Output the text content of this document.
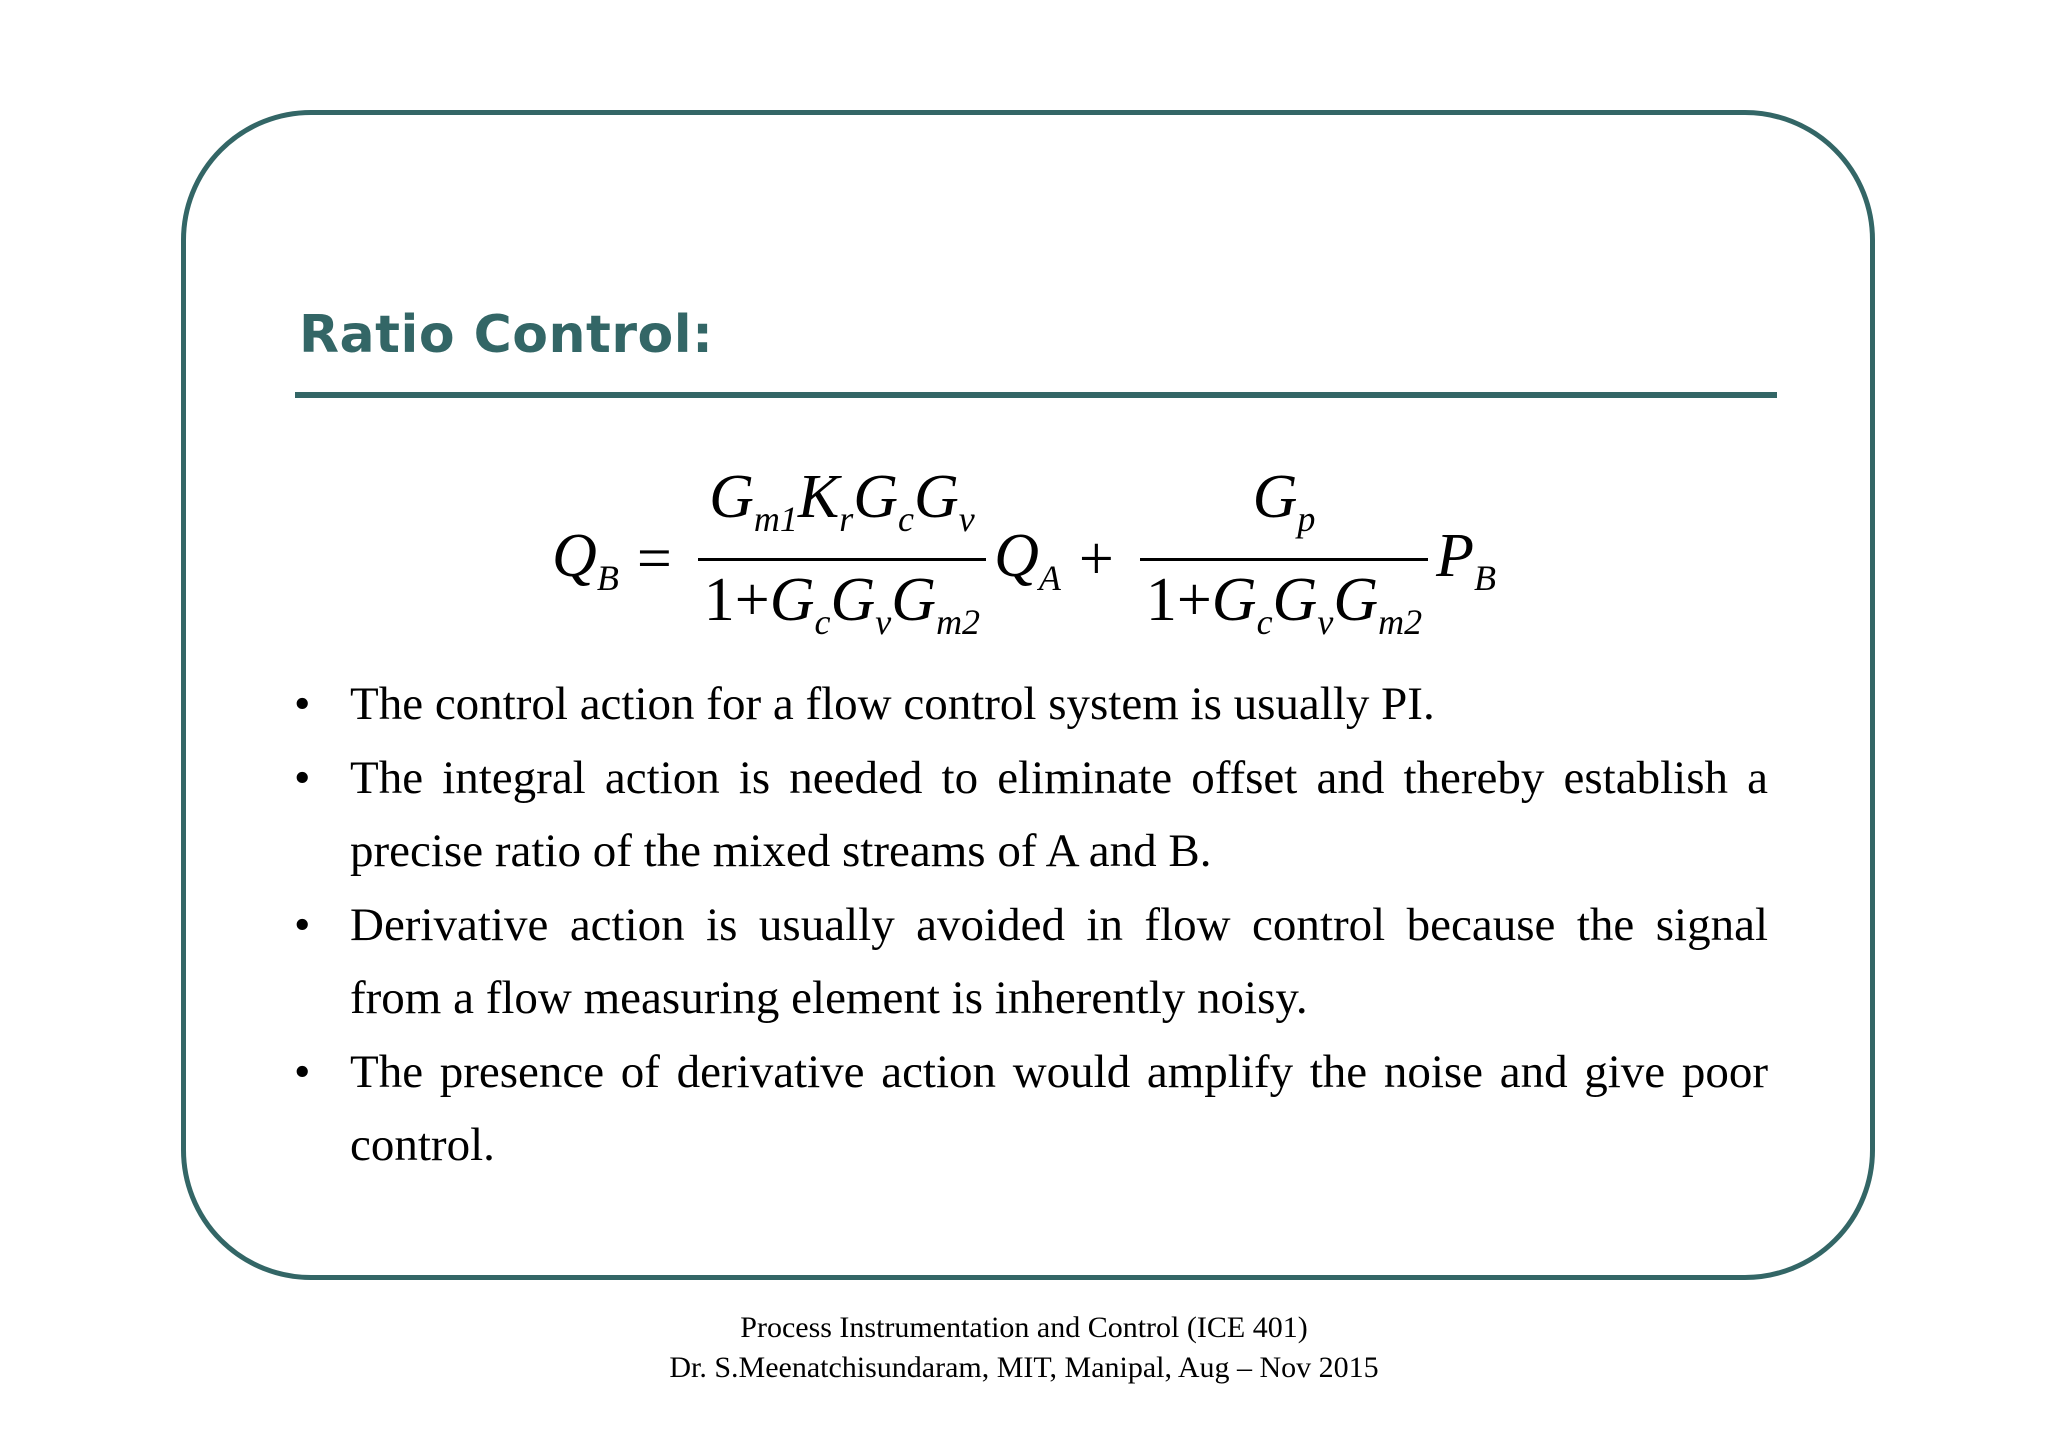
Ratio Control:
$Q_B = \frac{G_{m1}K_rG_cG_v}{1+G_cG_vG_{m2}} Q_A + \frac{G_p}{1+G_cG_vG_{m2}} P_B$
• The control action for a flow control system is usually PI.
• The integral action is needed to eliminate offset and thereby establish a precise ratio of the mixed streams of A and B.
• Derivative action is usually avoided in flow control because the signal from a flow measuring element is inherently noisy.
• The presence of derivative action would amplify the noise and give poor control.
Process Instrumentation and Control (ICE 401)
Dr. S.Meenatchisundaram, MIT, Manipal, Aug – Nov 2015
